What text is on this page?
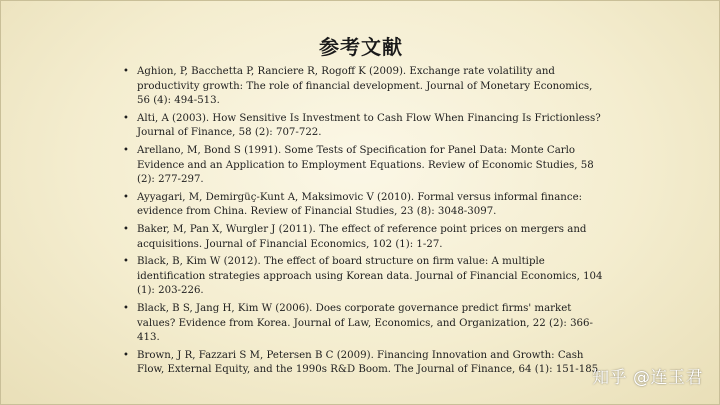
参考文献
• Aghion, P, Bacchetta P, Ranciere R, Rogoff K (2009). Exchange rate volatility and productivity growth: The role of financial development. Journal of Monetary Economics, 56 (4): 494-513.
• Alti, A (2003). How Sensitive Is Investment to Cash Flow When Financing Is Frictionless? Journal of Finance, 58 (2): 707-722.
• Arellano, M, Bond S (1991). Some Tests of Specification for Panel Data: Monte Carlo Evidence and an Application to Employment Equations. Review of Economic Studies, 58 (2): 277-297.
• Ayyagari, M, Demirgüç-Kunt A, Maksimovic V (2010). Formal versus informal finance: evidence from China. Review of Financial Studies, 23 (8): 3048-3097.
• Baker, M, Pan X, Wurgler J (2011). The effect of reference point prices on mergers and acquisitions. Journal of Financial Economics, 102 (1): 1-27.
• Black, B, Kim W (2012). The effect of board structure on firm value: A multiple identification strategies approach using Korean data. Journal of Financial Economics, 104 (1): 203-226.
• Black, B S, Jang H, Kim W (2006). Does corporate governance predict firms' market values? Evidence from Korea. Journal of Law, Economics, and Organization, 22 (2): 366-413.
• Brown, J R, Fazzari S M, Petersen B C (2009). Financing Innovation and Growth: Cash Flow, External Equity, and the 1990s R&D Boom. The Journal of Finance, 64 (1): 151-185.
知乎 @连玉君
